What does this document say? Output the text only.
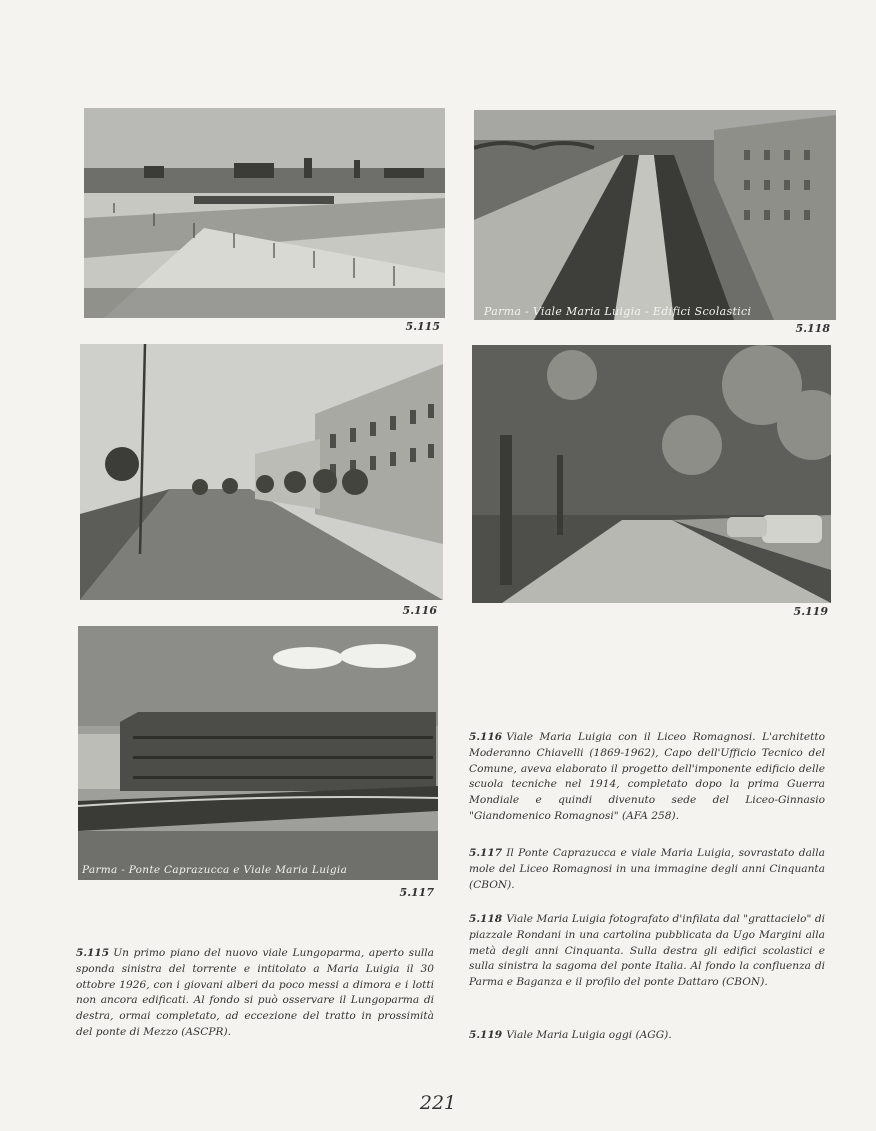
5.115
Parma - Viale Maria Luigia - Edifici Scolastici
5.118
5.116	5.119
Parma - Ponte Caprazucca e Viale Maria Luigia
5.117

5.116 Viale Maria Luigia con il Liceo Romagnosi. L'architetto Moderanno Chiavelli (1869-1962), Capo dell'Ufficio Tecnico del Comune, aveva elaborato il progetto dell'imponente edificio delle scuola tecniche nel 1914, completato dopo la prima Guerra Mondiale e quindi divenuto sede del Liceo-Ginnasio "Giandomenico Romagnosi" (AFA 258).

5.117 Il Ponte Caprazucca e viale Maria Luigia, sovrastato dalla mole del Liceo Romagnosi in una immagine degli anni Cinquanta (CBON).

5.118 Viale Maria Luigia fotografato d'infilata dal "grattacielo" di piazzale Rondani in una cartolina pubblicata da Ugo Margini alla metà degli anni Cinquanta. Sulla destra gli edifici scolastici e sulla sinistra la sagoma del ponte Italia. Al fondo la confluenza di Parma e Baganza e il profilo del ponte Dattaro (CBON).

5.119 Viale Maria Luigia oggi (AGG).

5.115 Un primo piano del nuovo viale Lungoparma, aperto sulla sponda sinistra del torrente e intitolato a Maria Luigia il 30 ottobre 1926, con i giovani alberi da poco messi a dimora e i lotti non ancora edificati. Al fondo si può osservare il Lungoparma di destra, ormai completato, ad eccezione del tratto in prossimità del ponte di Mezzo (ASCPR).

221
